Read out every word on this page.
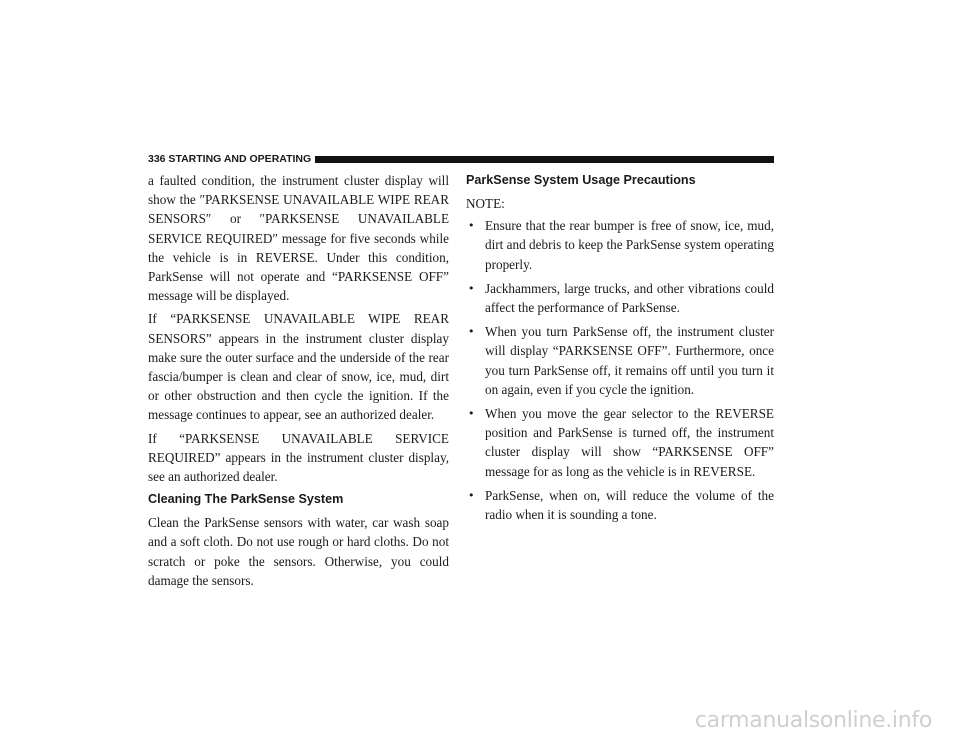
336 STARTING AND OPERATING

a faulted condition, the instrument cluster display will show the ″PARKSENSE UNAVAILABLE WIPE REAR SENSORS″ or ″PARKSENSE UNAVAILABLE SERVICE REQUIRED″ message for five seconds while the vehicle is in REVERSE. Under this condition, ParkSense will not operate and “PARKSENSE OFF” message will be displayed.

If “PARKSENSE UNAVAILABLE WIPE REAR SENSORS” appears in the instrument cluster display make sure the outer surface and the underside of the rear fascia/bumper is clean and clear of snow, ice, mud, dirt or other obstruction and then cycle the ignition. If the message continues to appear, see an authorized dealer.

If “PARKSENSE UNAVAILABLE SERVICE REQUIRED” appears in the instrument cluster display, see an authorized dealer.

Cleaning The ParkSense System

Clean the ParkSense sensors with water, car wash soap and a soft cloth. Do not use rough or hard cloths. Do not scratch or poke the sensors. Otherwise, you could damage the sensors.

ParkSense System Usage Precautions

NOTE:

• Ensure that the rear bumper is free of snow, ice, mud, dirt and debris to keep the ParkSense system operating properly.
• Jackhammers, large trucks, and other vibrations could affect the performance of ParkSense.
• When you turn ParkSense off, the instrument cluster will display “PARKSENSE OFF”. Furthermore, once you turn ParkSense off, it remains off until you turn it on again, even if you cycle the ignition.
• When you move the gear selector to the REVERSE position and ParkSense is turned off, the instrument cluster display will show “PARKSENSE OFF” message for as long as the vehicle is in REVERSE.
• ParkSense, when on, will reduce the volume of the radio when it is sounding a tone.
carmanualsonline.info
